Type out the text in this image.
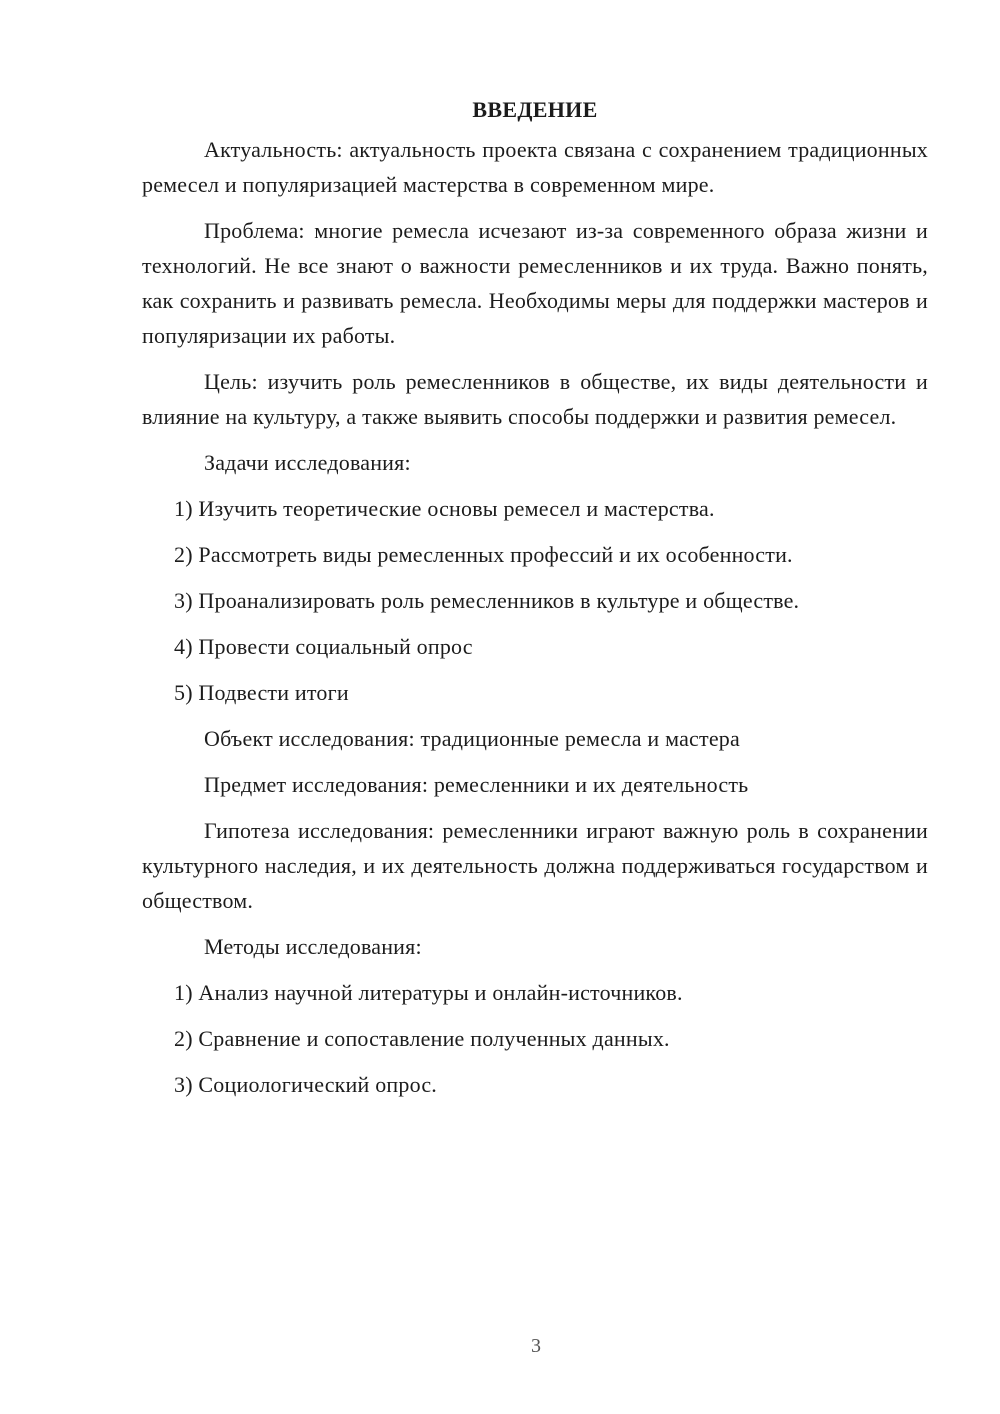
ВВЕДЕНИЕ

Актуальность: актуальность проекта связана с сохранением традиционных ремесел и популяризацией мастерства в современном мире.

Проблема: многие ремесла исчезают из-за современного образа жизни и технологий. Не все знают о важности ремесленников и их труда. Важно понять, как сохранить и развивать ремесла. Необходимы меры для поддержки мастеров и популяризации их работы.

Цель: изучить роль ремесленников в обществе, их виды деятельности и влияние на культуру, а также выявить способы поддержки и развития ремесел.

Задачи исследования:
1) Изучить теоретические основы ремесел и мастерства.
2) Рассмотреть виды ремесленных профессий и их особенности.
3) Проанализировать роль ремесленников в культуре и обществе.
4) Провести социальный опрос
5) Подвести итоги
Объект исследования: традиционные ремесла и мастера
Предмет исследования: ремесленники и их деятельность

Гипотеза исследования: ремесленники играют важную роль в сохранении культурного наследия, и их деятельность должна поддерживаться государством и обществом.

Методы исследования:
1) Анализ научной литературы и онлайн-источников.
2) Сравнение и сопоставление полученных данных.
3) Социологический опрос.
3
